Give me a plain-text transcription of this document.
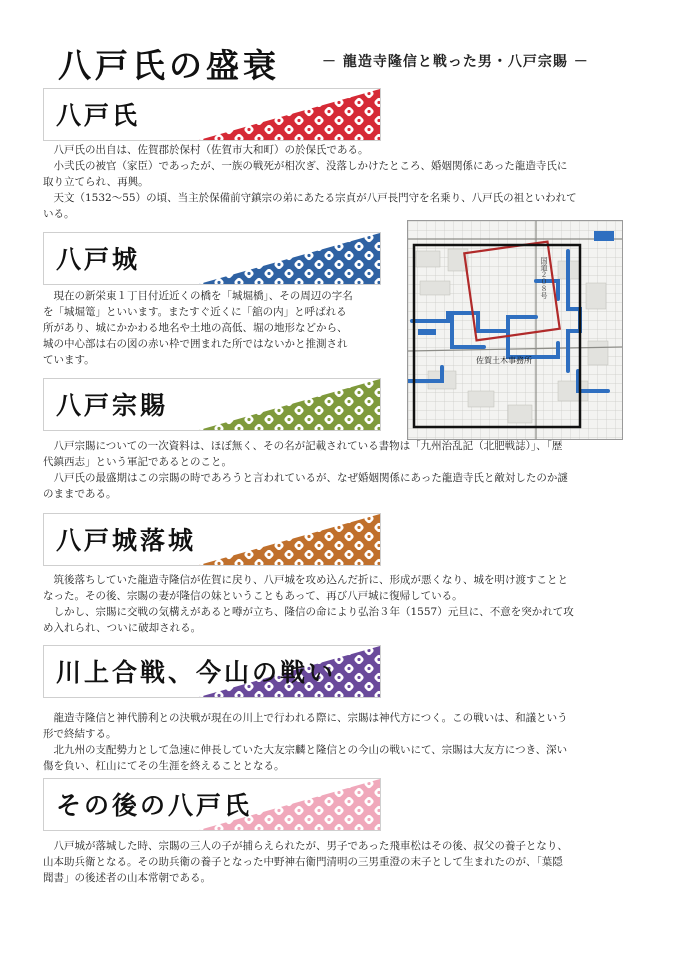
八戸氏の盛衰	－ 龍造寺隆信と戦った男・八戸宗賜 －
八戸氏
　八戸氏の出自は、佐賀郡於保村（佐賀市大和町）の於保氏である。
　小弐氏の被官（家臣）であったが、一族の戦死が相次ぎ、没落しかけたところ、婚姻関係にあった龍造寺氏に
取り立てられ、再興。
　天文（1532～55）の頃、当主於保備前守鎮宗の弟にあたる宗貞が八戸長門守を名乗り、八戸氏の祖といわれて
いる。
八戸城
　現在の新栄東１丁目付近近くの橋を「城堀橋」、その周辺の字名
を「城堀篭」といいます。またすぐ近くに「舘の内」と呼ばれる
所があり、城にかかわる地名や土地の高低、堀の地形などから、
城の中心部は右の図の赤い枠で囲まれた所ではないかと推測され
ています。
国道２０８号
佐賀土木事務所
八戸宗賜
　八戸宗賜についての一次資料は、ほぼ無く、その名が記載されている書物は「九州治乱記（北肥戦誌）」、「歴
代鎮西志」という軍記であるとのこと。
　八戸氏の最盛期はこの宗賜の時であろうと言われているが、なぜ婚姻関係にあった龍造寺氏と敵対したのか謎
のままである。
八戸城落城
　筑後落ちしていた龍造寺隆信が佐賀に戻り、八戸城を攻め込んだ折に、形成が悪くなり、城を明け渡すことと
なった。その後、宗賜の妻が隆信の妹ということもあって、再び八戸城に復帰している。
　しかし、宗賜に交戦の気構えがあると噂が立ち、隆信の命により弘治３年（1557）元旦に、不意を突かれて攻
め入れられ、ついに破却される。
川上合戦、今山の戦い
　龍造寺隆信と神代勝利との決戦が現在の川上で行われる際に、宗賜は神代方につく。この戦いは、和議という
形で終結する。
　北九州の支配勢力として急速に伸長していた大友宗麟と隆信との今山の戦いにて、宗賜は大友方につき、深い
傷を負い、杠山にてその生涯を終えることとなる。
その後の八戸氏
　八戸城が落城した時、宗賜の三人の子が捕らえられたが、男子であった飛車松はその後、叔父の養子となり、
山本助兵衛となる。その助兵衛の養子となった中野神右衛門清明の三男重澄の末子として生まれたのが、「葉隠
聞書」の後述者の山本常朝である。
